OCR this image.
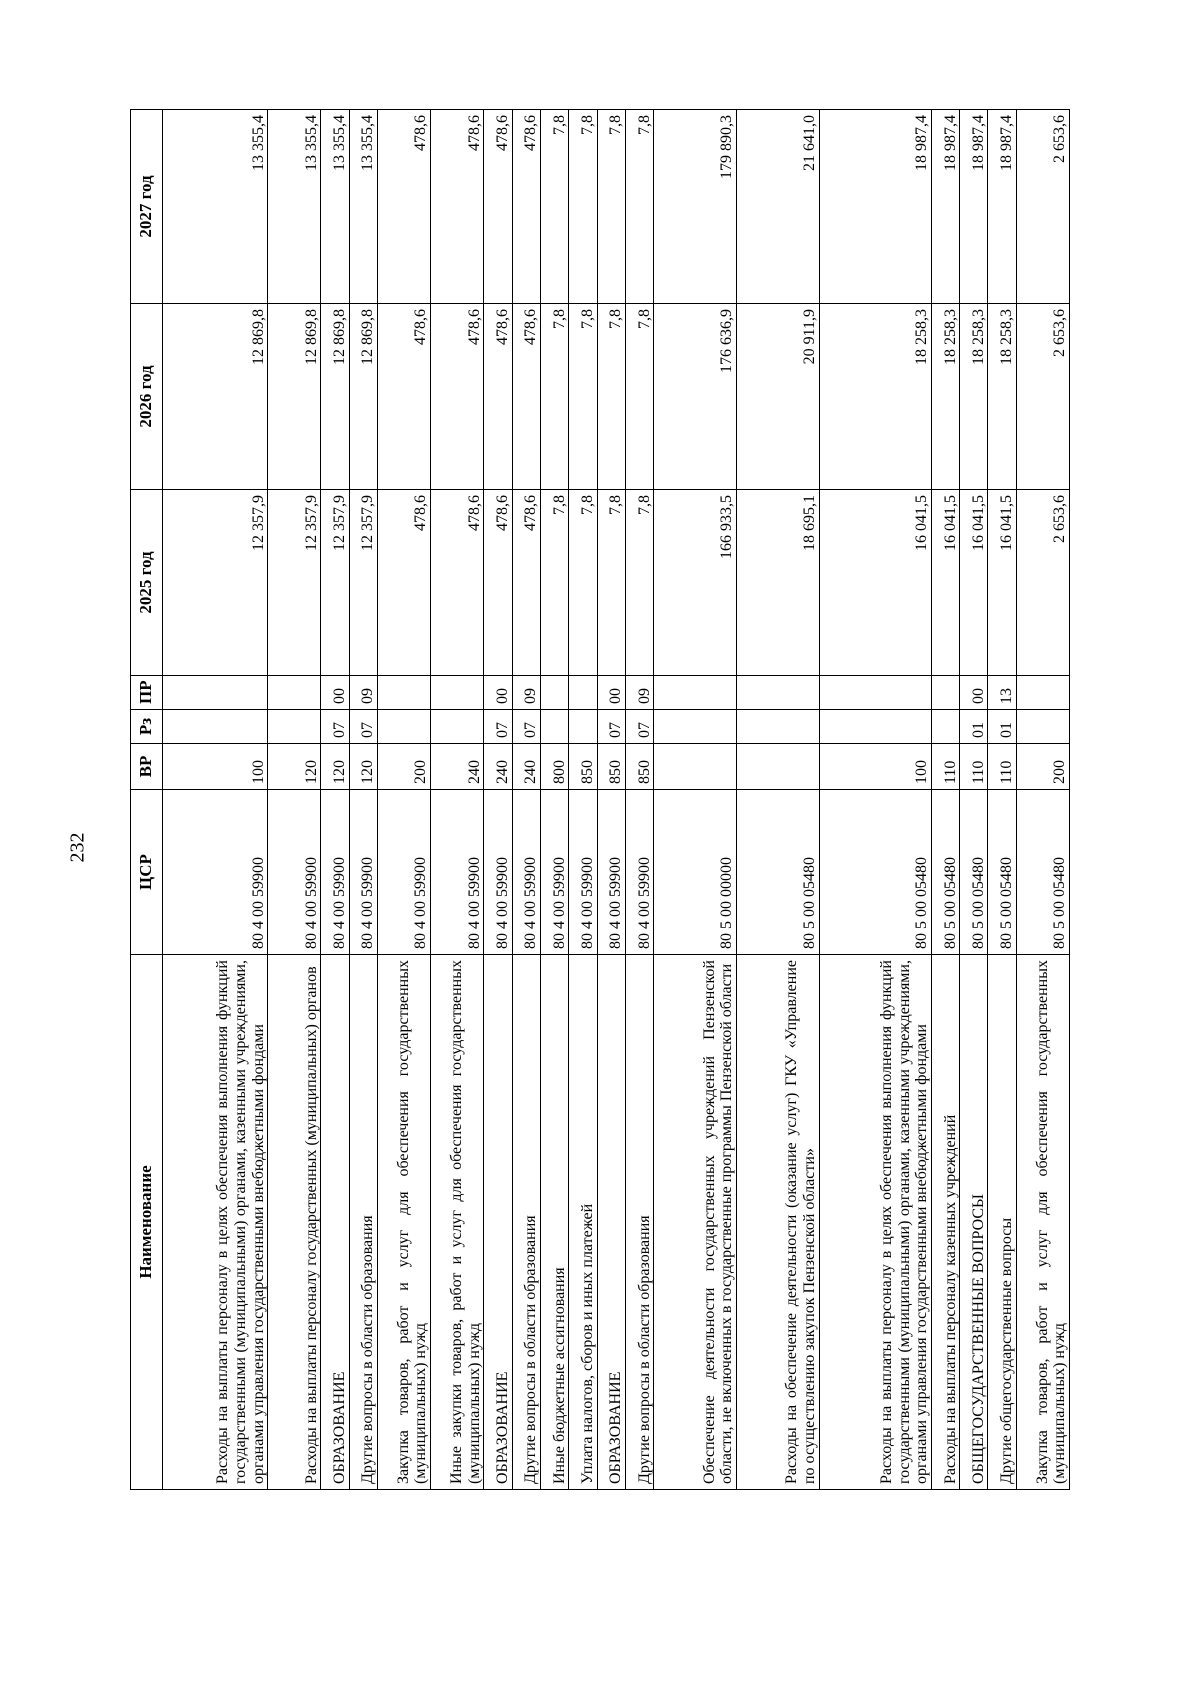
232
Наименование	ЦСР	ВР	Рз	ПР	2025 год	2026 год	2027 год
Расходы на выплаты персоналу в целях обеспечения выполнения функций государственными (муниципальными) органами, казенными учреждениями, органами управления государственными внебюджетными фондами	80 4 00 59900	100			12 357,9	12 869,8	13 355,4
Расходы на выплаты персоналу государственных (муниципальных) органов	80 4 00 59900	120			12 357,9	12 869,8	13 355,4
ОБРАЗОВАНИЕ	80 4 00 59900	120	07	00	12 357,9	12 869,8	13 355,4
Другие вопросы в области образования	80 4 00 59900	120	07	09	12 357,9	12 869,8	13 355,4
Закупка товаров, работ и услуг для обеспечения государственных (муниципальных) нужд	80 4 00 59900	200			478,6	478,6	478,6
Иные закупки товаров, работ и услуг для обеспечения государственных (муниципальных) нужд	80 4 00 59900	240			478,6	478,6	478,6
ОБРАЗОВАНИЕ	80 4 00 59900	240	07	00	478,6	478,6	478,6
Другие вопросы в области образования	80 4 00 59900	240	07	09	478,6	478,6	478,6
Иные бюджетные ассигнования	80 4 00 59900	800			7,8	7,8	7,8
Уплата налогов, сборов и иных платежей	80 4 00 59900	850			7,8	7,8	7,8
ОБРАЗОВАНИЕ	80 4 00 59900	850	07	00	7,8	7,8	7,8
Другие вопросы в области образования	80 4 00 59900	850	07	09	7,8	7,8	7,8
Обеспечение деятельности государственных учреждений Пензенской области, не включенных в государственные программы Пензенской области	80 5 00 00000				166 933,5	176 636,9	179 890,3
Расходы на обеспечение деятельности (оказание услуг) ГКУ «Управление по осуществлению закупок Пензенской области»	80 5 00 05480				18 695,1	20 911,9	21 641,0
Расходы на выплаты персоналу в целях обеспечения выполнения функций государственными (муниципальными) органами, казенными учреждениями, органами управления государственными внебюджетными фондами	80 5 00 05480	100			16 041,5	18 258,3	18 987,4
Расходы на выплаты персоналу казенных учреждений	80 5 00 05480	110			16 041,5	18 258,3	18 987,4
ОБЩЕГОСУДАРСТВЕННЫЕ ВОПРОСЫ	80 5 00 05480	110	01	00	16 041,5	18 258,3	18 987,4
Другие общегосударственные вопросы	80 5 00 05480	110	01	13	16 041,5	18 258,3	18 987,4
Закупка товаров, работ и услуг для обеспечения государственных (муниципальных) нужд	80 5 00 05480	200			2 653,6	2 653,6	2 653,6
